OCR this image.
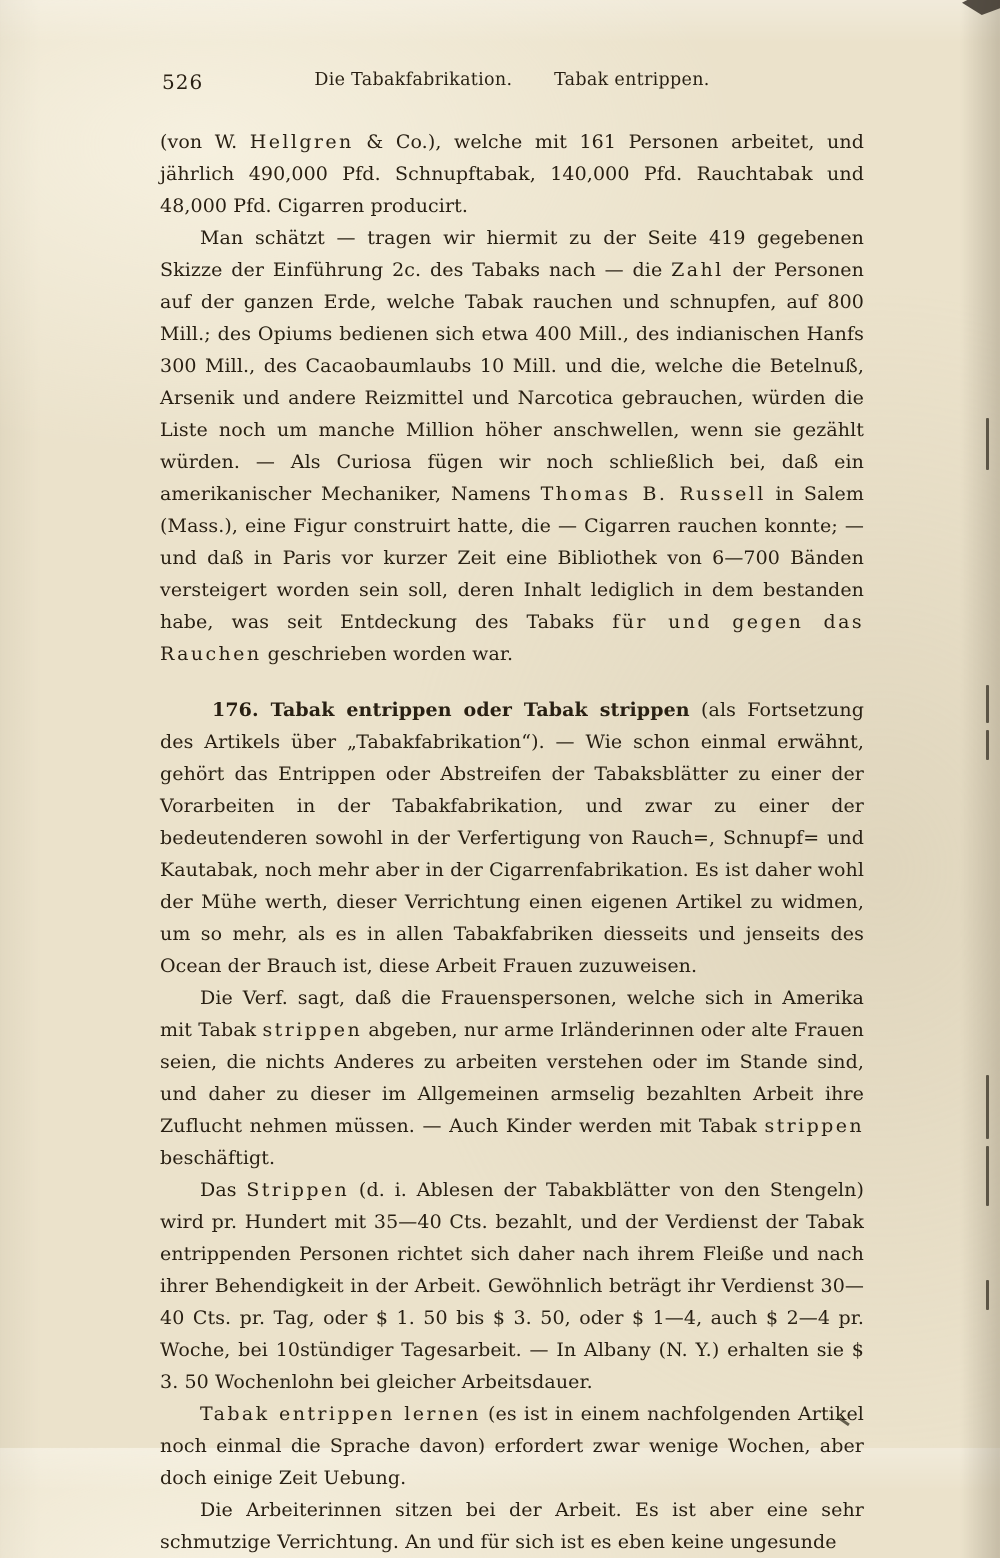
526	Die Tabakfabrikation. Tabak entrippen.

(von W. Hellgren & Co.), welche mit 161 Personen arbeitet, und jährlich 490,000 Pfd. Schnupftabak, 140,000 Pfd. Rauchtabak und 48,000 Pfd. Cigarren producirt.

Man schätzt — tragen wir hiermit zu der Seite 419 gegebenen Skizze der Einführung 2c. des Tabaks nach — die Zahl der Personen auf der ganzen Erde, welche Tabak rauchen und schnupfen, auf 800 Mill.; des Opiums bedienen sich etwa 400 Mill., des indianischen Hanfs 300 Mill., des Cacaobaumlaubs 10 Mill. und die, welche die Betelnuß, Arsenik und andere Reizmittel und Narcotica gebrauchen, würden die Liste noch um manche Million höher anschwellen, wenn sie gezählt würden. — Als Curiosa fügen wir noch schließlich bei, daß ein amerikanischer Mechaniker, Namens Thomas B. Russell in Salem (Mass.), eine Figur construirt hatte, die — Cigarren rauchen konnte; — und daß in Paris vor kurzer Zeit eine Bibliothek von 6—700 Bänden versteigert worden sein soll, deren Inhalt lediglich in dem bestanden habe, was seit Entdeckung des Tabaks für und gegen das Rauchen geschrieben worden war.

176. Tabak entrippen oder Tabak strippen (als Fortsetzung des Artikels über „Tabakfabrikation“). — Wie schon einmal erwähnt, gehört das Entrippen oder Abstreifen der Tabaksblätter zu einer der Vorarbeiten in der Tabakfabrikation, und zwar zu einer der bedeutenderen sowohl in der Verfertigung von Rauch=, Schnupf= und Kautabak, noch mehr aber in der Cigarrenfabrikation. Es ist daher wohl der Mühe werth, dieser Verrichtung einen eigenen Artikel zu widmen, um so mehr, als es in allen Tabakfabriken diesseits und jenseits des Ocean der Brauch ist, diese Arbeit Frauen zuzuweisen.

Die Verf. sagt, daß die Frauenspersonen, welche sich in Amerika mit Tabak strippen abgeben, nur arme Irländerinnen oder alte Frauen seien, die nichts Anderes zu arbeiten verstehen oder im Stande sind, und daher zu dieser im Allgemeinen armselig bezahlten Arbeit ihre Zuflucht nehmen müssen. — Auch Kinder werden mit Tabak strippen beschäftigt.

Das Strippen (d. i. Ablesen der Tabakblätter von den Stengeln) wird pr. Hundert mit 35—40 Cts. bezahlt, und der Verdienst der Tabak entrippenden Personen richtet sich daher nach ihrem Fleiße und nach ihrer Behendigkeit in der Arbeit. Gewöhnlich beträgt ihr Verdienst 30—40 Cts. pr. Tag, oder $ 1. 50 bis $ 3. 50, oder $ 1—4, auch $ 2—4 pr. Woche, bei 10stündiger Tagesarbeit. — In Albany (N. Y.) erhalten sie $ 3. 50 Wochenlohn bei gleicher Arbeitsdauer.

Tabak entrippen lernen (es ist in einem nachfolgenden Artikel noch einmal die Sprache davon) erfordert zwar wenige Wochen, aber doch einige Zeit Uebung.

Die Arbeiterinnen sitzen bei der Arbeit. Es ist aber eine sehr schmutzige Verrichtung. An und für sich ist es eben keine ungesunde
